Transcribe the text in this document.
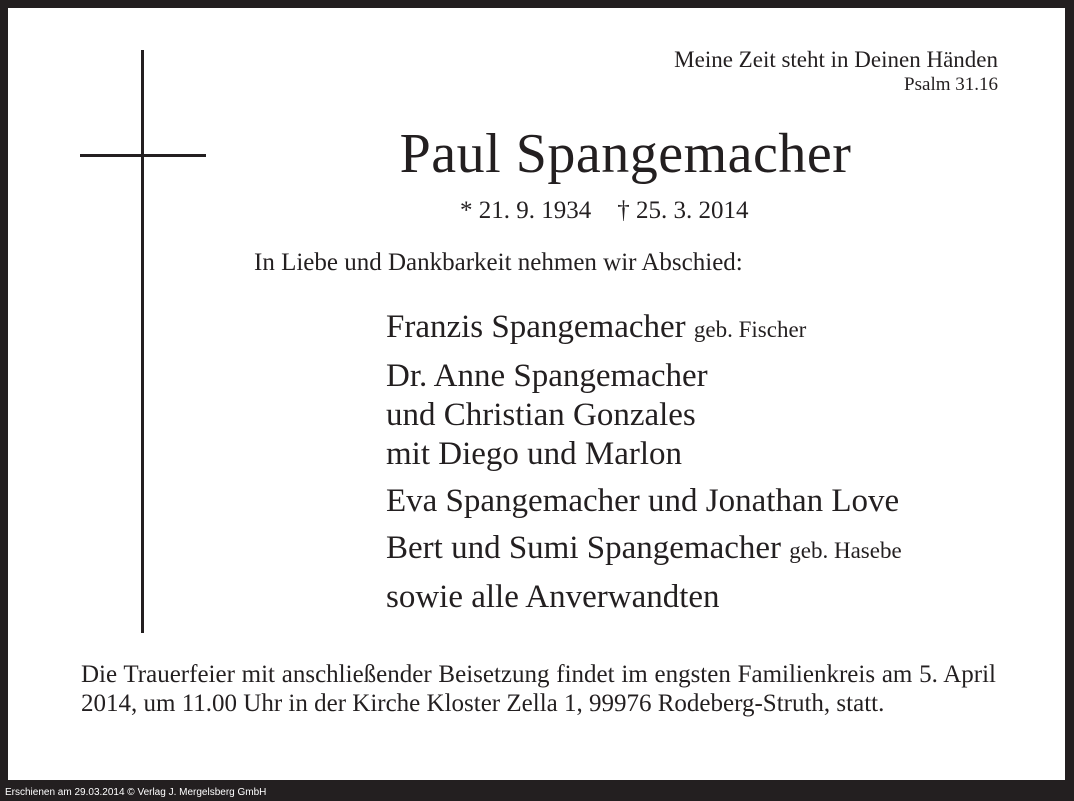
Meine Zeit steht in Deinen Händen
Psalm 31.16
Paul Spangemacher
* 21. 9. 1934 † 25. 3. 2014
In Liebe und Dankbarkeit nehmen wir Abschied:
Franzis Spangemacher geb. Fischer
Dr. Anne Spangemacher
und Christian Gonzales
mit Diego und Marlon
Eva Spangemacher und Jonathan Love
Bert und Sumi Spangemacher geb. Hasebe
sowie alle Anverwandten
Die Trauerfeier mit anschließender Beisetzung findet im engsten Familienkreis am 5. April 2014, um 11.00 Uhr in der Kirche Kloster Zella 1, 99976 Rodeberg-Struth, statt.
Erschienen am 29.03.2014 © Verlag J. Mergelsberg GmbH
